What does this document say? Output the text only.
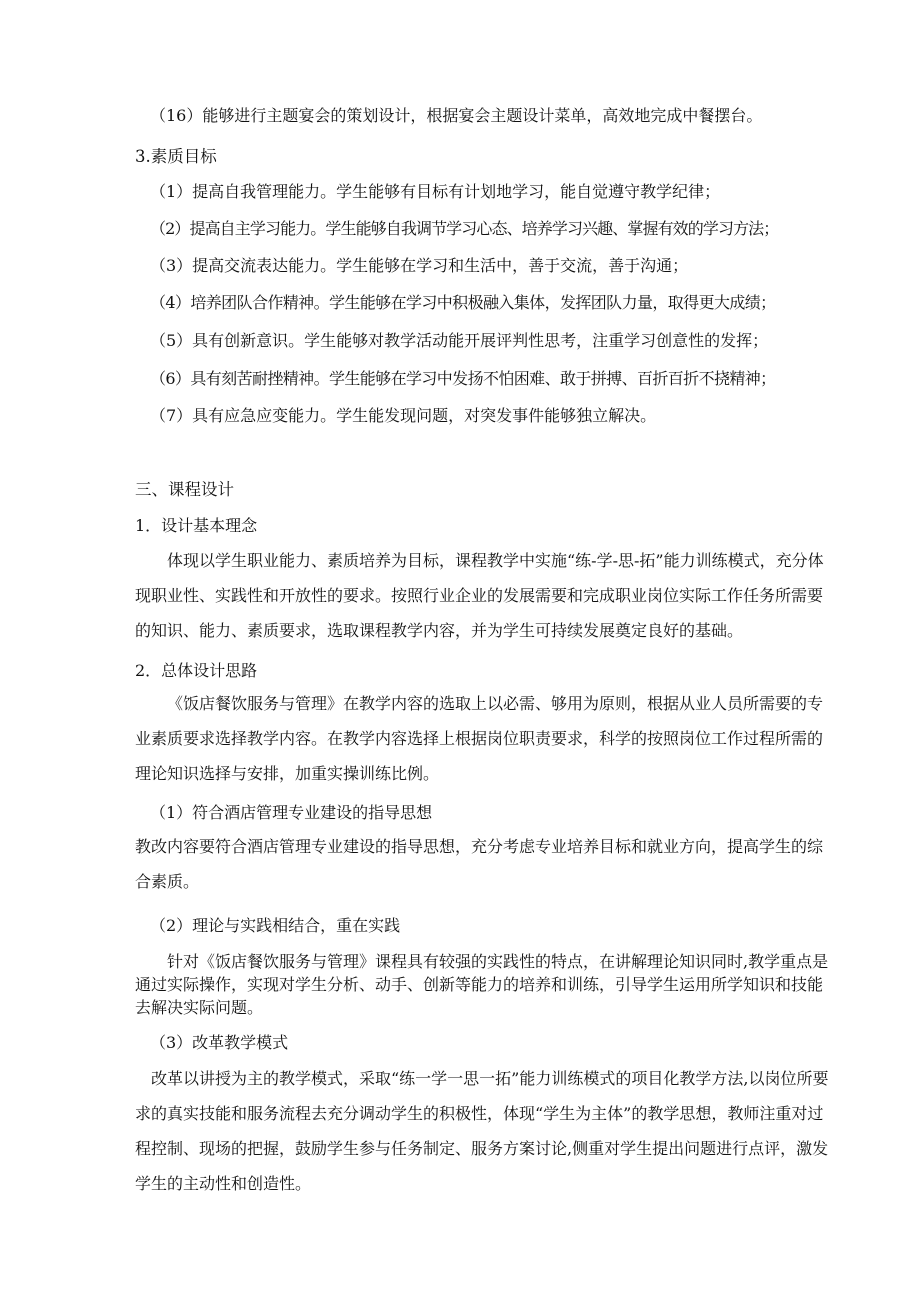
（16）能够进行主题宴会的策划设计，根据宴会主题设计菜单，高效地完成中餐摆台。
3.素质目标
（1）提高自我管理能力。学生能够有目标有计划地学习，能自觉遵守教学纪律；
（2）提高自主学习能力。学生能够自我调节学习心态、培养学习兴趣、掌握有效的学习方法；
（3）提高交流表达能力。学生能够在学习和生活中，善于交流，善于沟通；
（4）培养团队合作精神。学生能够在学习中积极融入集体，发挥团队力量，取得更大成绩；
（5）具有创新意识。学生能够对教学活动能开展评判性思考，注重学习创意性的发挥；
（6）具有刻苦耐挫精神。学生能够在学习中发扬不怕困难、敢于拼搏、百折百折不挠精神；
（7）具有应急应变能力。学生能发现问题，对突发事件能够独立解决。
三、课程设计
1．设计基本理念
体现以学生职业能力、素质培养为目标，课程教学中实施“练-学-思-拓”能力训练模式，充分体现职业性、实践性和开放性的要求。按照行业企业的发展需要和完成职业岗位实际工作任务所需要的知识、能力、素质要求，选取课程教学内容，并为学生可持续发展奠定良好的基础。
2．总体设计思路
《饭店餐饮服务与管理》在教学内容的选取上以必需、够用为原则，根据从业人员所需要的专业素质要求选择教学内容。在教学内容选择上根据岗位职责要求，科学的按照岗位工作过程所需的理论知识选择与安排，加重实操训练比例。
（1）符合酒店管理专业建设的指导思想
教改内容要符合酒店管理专业建设的指导思想，充分考虑专业培养目标和就业方向，提高学生的综合素质。
（2）理论与实践相结合，重在实践
针对《饭店餐饮服务与管理》课程具有较强的实践性的特点，在讲解理论知识同时,教学重点是通过实际操作，实现对学生分析、动手、创新等能力的培养和训练，引导学生运用所学知识和技能去解决实际问题。
（3）改革教学模式
改革以讲授为主的教学模式，采取“练一学一思一拓”能力训练模式的项目化教学方法,以岗位所要求的真实技能和服务流程去充分调动学生的积极性，体现“学生为主体”的教学思想，教师注重对过程控制、现场的把握，鼓励学生参与任务制定、服务方案讨论,侧重对学生提出问题进行点评，激发学生的主动性和创造性。
